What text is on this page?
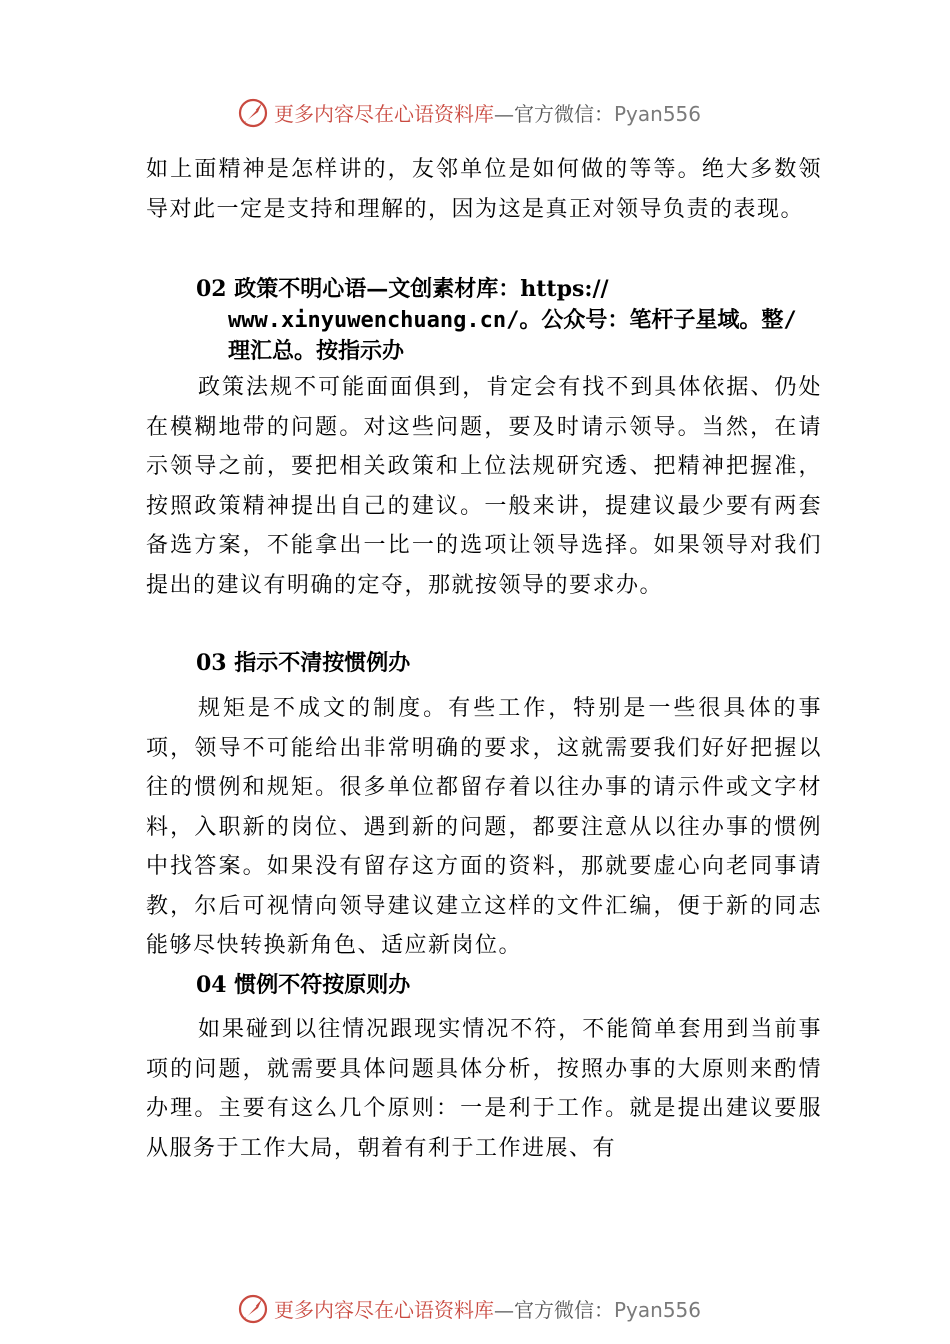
更多内容尽在心语资料库—官方微信：Pyan556

如上面精神是怎样讲的，友邻单位是如何做的等等。绝大多数领导对此一定是支持和理解的，因为这是真正对领导负责的表现。

02 政策不明心语—文创素材库：https://

www.xinyuwenchuang.cn/。公众号：笔杆子星域。整/

理汇总。按指示办

政策法规不可能面面俱到，肯定会有找不到具体依据、仍处在模糊地带的问题。对这些问题，要及时请示领导。当然，在请示领导之前，要把相关政策和上位法规研究透、把精神把握准，按照政策精神提出自己的建议。一般来讲，提建议最少要有两套备选方案，不能拿出一比一的选项让领导选择。如果领导对我们提出的建议有明确的定夺，那就按领导的要求办。

03 指示不清按惯例办

规矩是不成文的制度。有些工作，特别是一些很具体的事项，领导不可能给出非常明确的要求，这就需要我们好好把握以往的惯例和规矩。很多单位都留存着以往办事的请示件或文字材料，入职新的岗位、遇到新的问题，都要注意从以往办事的惯例中找答案。如果没有留存这方面的资料，那就要虚心向老同事请教，尔后可视情向领导建议建立这样的文件汇编，便于新的同志能够尽快转换新角色、适应新岗位。

04 惯例不符按原则办

如果碰到以往情况跟现实情况不符，不能简单套用到当前事项的问题，就需要具体问题具体分析，按照办事的大原则来酌情办理。主要有这么几个原则：一是利于工作。就是提出建议要服从服务于工作大局，朝着有利于工作进展、有

更多内容尽在心语资料库—官方微信：Pyan556
